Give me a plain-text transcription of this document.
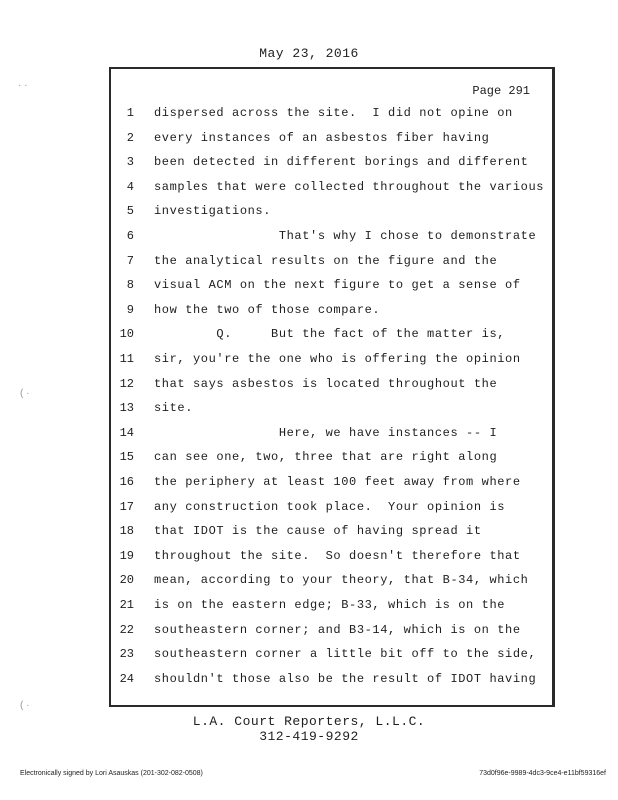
May 23, 2016
Page 291
1 dispersed across the site.  I did not opine on
2 every instances of an asbestos fiber having
3 been detected in different borings and different
4 samples that were collected throughout the various
5 investigations.
6 That's why I chose to demonstrate
7 the analytical results on the figure and the
8 visual ACM on the next figure to get a sense of
9 how the two of those compare.
10 Q.     But the fact of the matter is,
11 sir, you're the one who is offering the opinion
12 that says asbestos is located throughout the
13 site.
14 Here, we have instances -- I
15 can see one, two, three that are right along
16 the periphery at least 100 feet away from where
17 any construction took place.  Your opinion is
18 that IDOT is the cause of having spread it
19 throughout the site.  So doesn't therefore that
20 mean, according to your theory, that B-34, which
21 is on the eastern edge; B-33, which is on the
22 southeastern corner; and B3-14, which is on the
23 southeastern corner a little bit off to the side,
24 shouldn't those also be the result of IDOT having
L.A. Court Reporters, L.L.C.
312-419-9292
Electronically signed by Lori Asauskas (201-302-082-0508)	73d0f96e-9989-4dc3-9ce4-e11bf59316ef
· ·
( ·
( ·
